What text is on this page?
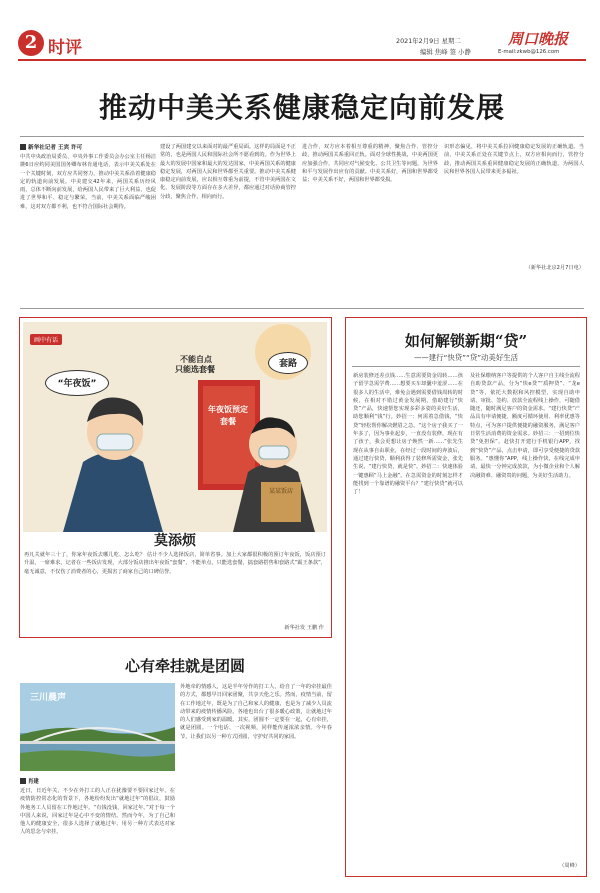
2 时评	2021年2月9日 星期二
编辑 焦峰 签 小静
周口晚报
E-mail:zkwb@126.com
推动中美关系健康稳定向前发展
新华社记者 王宾 许可
中共中央政治局委员、中央外事工作委员会办公室主任杨洁篪6日应约同美国国务卿布林肯通电话，表示中美关系处在一个关键时刻，双方应共同努力，推动中美关系沿着健康稳定的轨道向前发展。中美建交42年来，两国关系历经风雨，总体不断向前发展，给两国人民带来了巨大利益，也促进了世界和平、稳定与繁荣。当前，中美关系面临严峻困难，这对双方都不利，也不符合国际社会期待。
建设了两国建交以来面对的最严重局面。这样的局面是不正常的，也是两国人民和国际社会所不愿看到的。作为世界上最大的发展中国家和最大的发达国家，中美两国关系的健康稳定发展，对两国人民和世界都至关重要。推动中美关系健康稳定向前发展，应以相互尊重为前提，不管中美两国在文化、发展阶段等方面存在多大差异，都应通过对话协商管控分歧，聚焦合作，相向而行。
进合作，双方应本着相互尊重的精神，聚焦合作、管控分歧，推动两国关系重回正轨。面对全球性挑战，中美两国更应加强合作，共同应对气候变化、公共卫生等问题，为世界和平与发展作出应有的贡献。中美关系好，两国和世界都受益；中美关系不好，两国和世界都受损。
识形态偏见，将中美关系拉回健康稳定发展的正确轨道。当前，中美关系正处在关键节点上，双方应相向而行，管控分歧，推动两国关系重回健康稳定发展的正确轨道，为两国人民和世界各国人民带来更多福祉。
（新华社北京2月7日电）
画中有话
“年夜饭”
不能自点
只能选套餐
套路
年夜饭预定 套餐
某某饭店
莫添烦
再凡关就年三十了，你家年夜饭去哪儿吃、怎么吃？ 估计不少人选择饭店，简单省事。加上大家都很积极的预订年夜饭，饭店预订升温，一席难求。记者在一些饭店发现，大部分饭店推出年夜饭“套餐”，不能单点，只能选套餐，搞套路搭售和套路式“霸王条款”，毫无诚意，不仅伤了消费者的心，更损害了商家自己的口碑信誉。
新华社发 王鹏 作
如何解锁新期“贷”
——建行“快贷”“贷”动美好生活
新房装修还差点钱……生意需要资金周转……孩子留学急需学费……想要买车却囊中羞涩……在很多人的生活中，难免会遇到需要借钱周转的时候，在相对不错过黄金发展期，借助建行“快贷”产品，快速帮您实现多彩多姿的美好生活，助您顺利“钱”行。妙招一：何需着急借钱，“快贷”轻松帮你解决燃眉之急。“这个房子我买了一年多了，因为事业起步，一直没有装修，现在有了孩子，我会更想让房子焕然一新……”张先生现在从事自由职业，在经过一段时间的奔波后，通过建行快贷，顺利获得了装修所需资金，张先生说，“建行快贷，就是快”。妙招二：快速体验一键惠顾“马上金融”。在急需资金的时刻怎样才能找到一个靠谱的融资平台？“建行快贷”就可以了！
及社保缴纳客户等提供的个人客户自主线全流程自助贷款产品，分为“快e贷”“质押贷”、“龙e贷”等，依托大数据和风控模型，实现自助申请、审批、签约、放款全流程线上操作，可随借随还，随时满足客户的资金需求。“建行快贷”产品具有申请便捷、额度可循环使用、利率优惠等特点，可为客户提供便捷的融资服务，满足客户日常生活消费的资金需求。妙招三：一招到位快贷“免担保”。赶快打开建行手机银行APP，找到“快贷”产品，点击申请，即可享受便捷的贷款服务。“惠懂你”APP，线上操作快，在线完成申请，最快一分钟完成放款，为小微企业和个人解决融资难、融资贵的问题，为美好生活助力。
（周峰）
心有牵挂就是团圆
三川晨声
肖建
近日，日近年关，不少在外打工的人正在犹豫要不要回家过年。在疫情防控常态化的背景下，各地纷纷发出“就地过年”的倡议，鼓励外地务工人员留在工作地过年。“有钱没钱，回家过年。”对于每一个中国人来说，回家过年是心中不变的情结。然而今年，为了自己和他人的健康安全，很多人选择了就地过年，用另一种方式表达对家人的思念与牵挂。
外地牵的情感人，这是半年劳作的打工人，给自了一年的牵挂最佳的方式，都想早日回家团聚，共享天伦之乐。然而，疫情当前，留在工作地过年，既是为了自己和家人的健康，也是为了减少人员流动带来的疫情传播风险。各地也出台了很多暖心政策，让就地过年的人们感受到家的温暖。其实，团圆不一定要在一起，心有牵挂，就是团圆。一个电话、一次视频，同样能传递浓浓亲情。今年春节，让我们以另一种方式团圆，守护好共同的家园。
